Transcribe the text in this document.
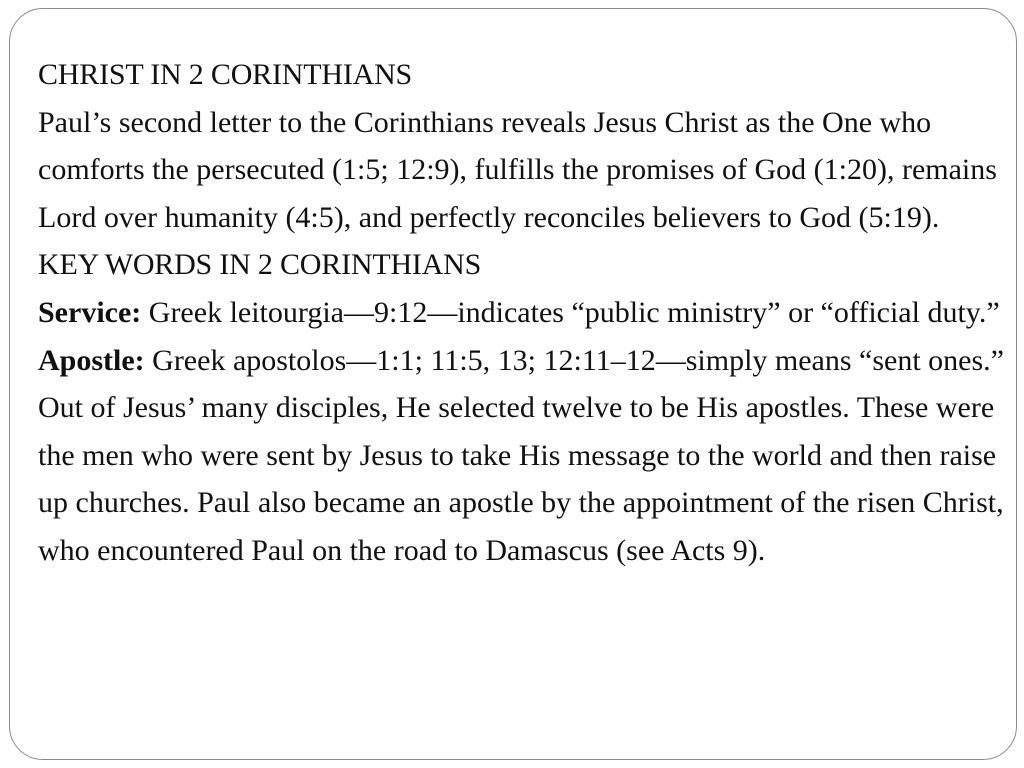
CHRIST IN 2 CORINTHIANS

Paul’s second letter to the Corinthians reveals Jesus Christ as the One who comforts the persecuted (1:5; 12:9), fulfills the promises of God (1:20), remains Lord over humanity (4:5), and perfectly reconciles believers to God (5:19).

KEY WORDS IN 2 CORINTHIANS

Service: Greek leitourgia—9:12—indicates “public ministry” or “official duty.”

Apostle: Greek apostolos—1:1; 11:5, 13; 12:11–12—simply means “sent ones.” Out of Jesus’ many disciples, He selected twelve to be His apostles. These were the men who were sent by Jesus to take His message to the world and then raise up churches. Paul also became an apostle by the appointment of the risen Christ, who encountered Paul on the road to Damascus (see Acts 9).
